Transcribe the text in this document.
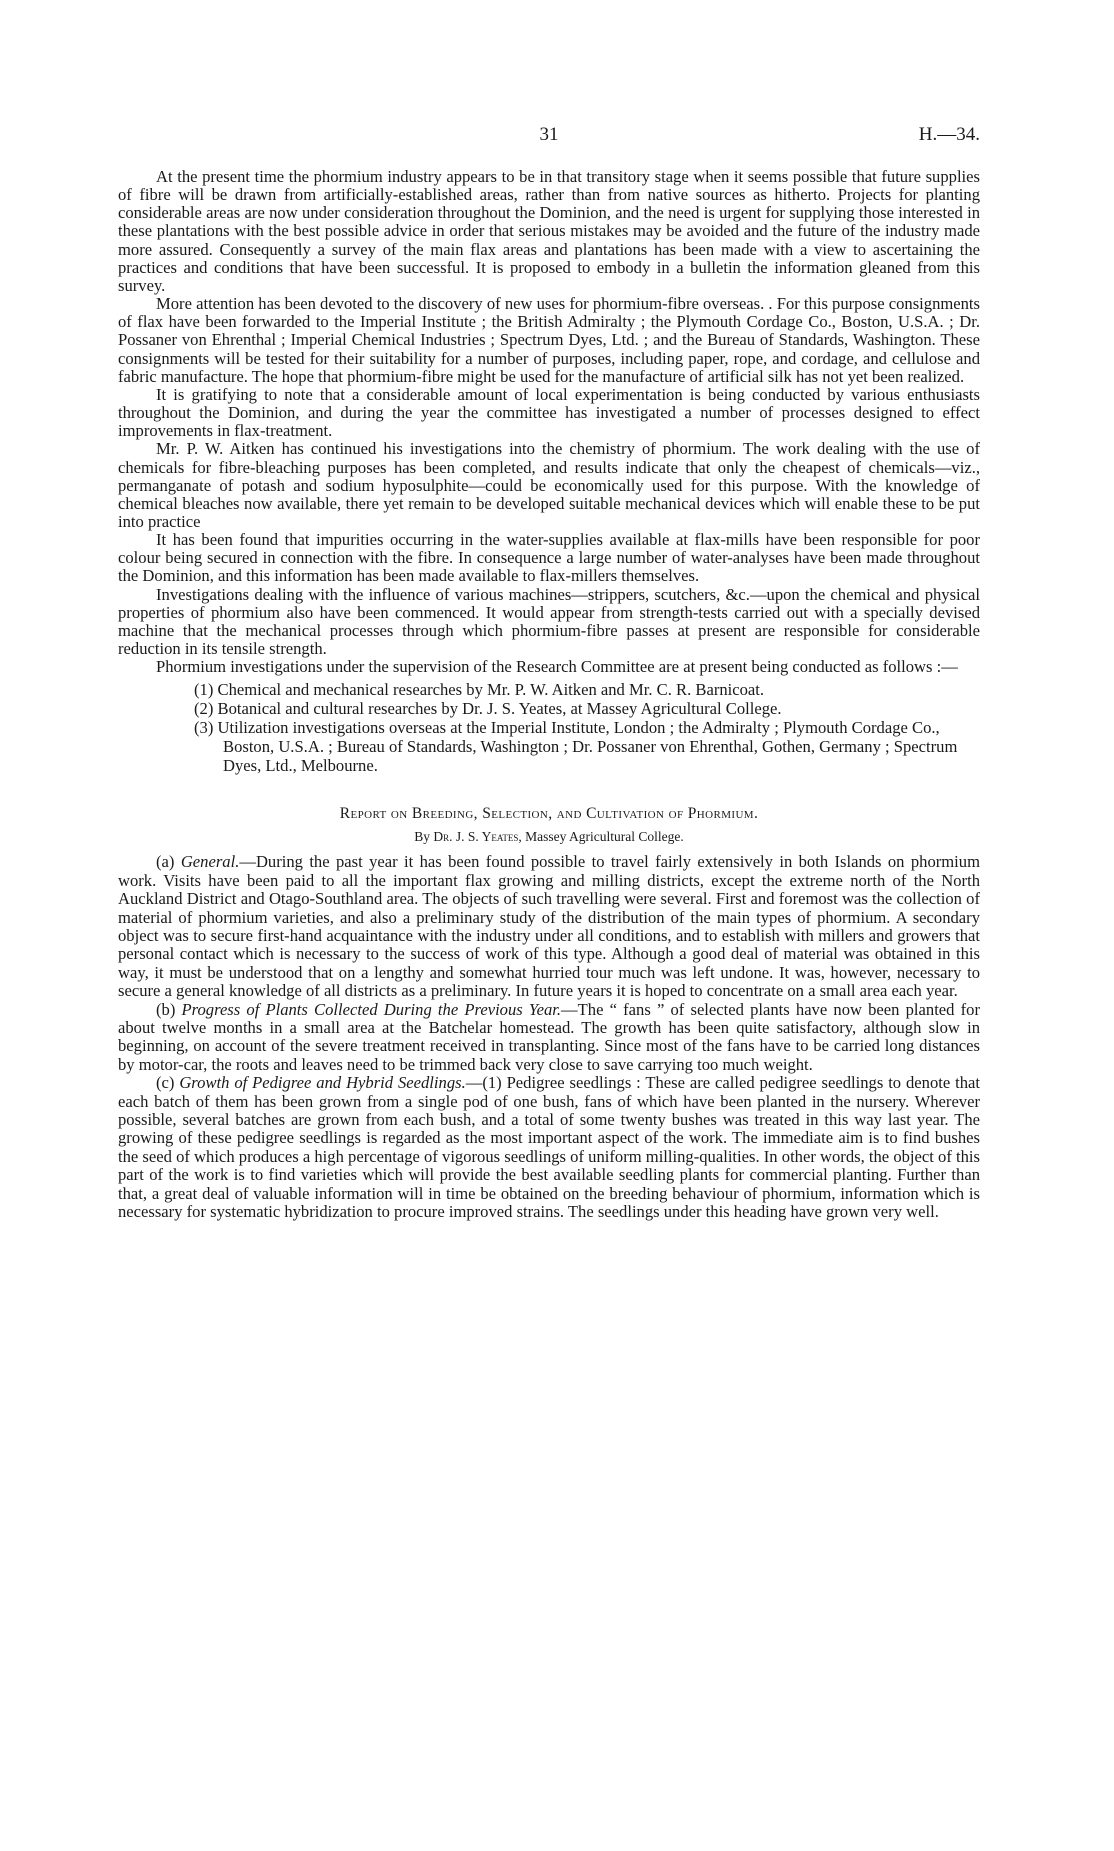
31	H.—34.

At the present time the phormium industry appears to be in that transitory stage when it seems possible that future supplies of fibre will be drawn from artificially-established areas, rather than from native sources as hitherto. Projects for planting considerable areas are now under consideration throughout the Dominion, and the need is urgent for supplying those interested in these plantations with the best possible advice in order that serious mistakes may be avoided and the future of the industry made more assured. Consequently a survey of the main flax areas and plantations has been made with a view to ascertaining the practices and conditions that have been successful. It is proposed to embody in a bulletin the information gleaned from this survey.

More attention has been devoted to the discovery of new uses for phormium-fibre overseas. . For this purpose consignments of flax have been forwarded to the Imperial Institute ; the British Admiralty ; the Plymouth Cordage Co., Boston, U.S.A. ; Dr. Possaner von Ehrenthal ; Imperial Chemical Industries ; Spectrum Dyes, Ltd. ; and the Bureau of Standards, Washington. These consignments will be tested for their suitability for a number of purposes, including paper, rope, and cordage, and cellulose and fabric manufacture. The hope that phormium-fibre might be used for the manufacture of artificial silk has not yet been realized.

It is gratifying to note that a considerable amount of local experimentation is being conducted by various enthusiasts throughout the Dominion, and during the year the committee has investigated a number of processes designed to effect improvements in flax-treatment.

Mr. P. W. Aitken has continued his investigations into the chemistry of phormium. The work dealing with the use of chemicals for fibre-bleaching purposes has been completed, and results indicate that only the cheapest of chemicals—viz., permanganate of potash and sodium hyposulphite—could be economically used for this purpose. With the knowledge of chemical bleaches now available, there yet remain to be developed suitable mechanical devices which will enable these to be put into practice

It has been found that impurities occurring in the water-supplies available at flax-mills have been responsible for poor colour being secured in connection with the fibre. In consequence a large number of water-analyses have been made throughout the Dominion, and this information has been made available to flax-millers themselves.

Investigations dealing with the influence of various machines—strippers, scutchers, &c.—upon the chemical and physical properties of phormium also have been commenced. It would appear from strength-tests carried out with a specially devised machine that the mechanical processes through which phormium-fibre passes at present are responsible for considerable reduction in its tensile strength.

Phormium investigations under the supervision of the Research Committee are at present being conducted as follows :—

(1) Chemical and mechanical researches by Mr. P. W. Aitken and Mr. C. R. Barnicoat.
(2) Botanical and cultural researches by Dr. J. S. Yeates, at Massey Agricultural College.
(3) Utilization investigations overseas at the Imperial Institute, London ; the Admiralty ; Plymouth Cordage Co., Boston, U.S.A. ; Bureau of Standards, Washington ; Dr. Possaner von Ehrenthal, Gothen, Germany ; Spectrum Dyes, Ltd., Melbourne.
Report on Breeding, Selection, and Cultivation of Phormium.
By Dr. J. S. Yeates, Massey Agricultural College.

(a) General.—During the past year it has been found possible to travel fairly extensively in both Islands on phormium work. Visits have been paid to all the important flax growing and milling districts, except the extreme north of the North Auckland District and Otago-Southland area. The objects of such travelling were several. First and foremost was the collection of material of phormium varieties, and also a preliminary study of the distribution of the main types of phormium. A secondary object was to secure first-hand acquaintance with the industry under all conditions, and to establish with millers and growers that personal contact which is necessary to the success of work of this type. Although a good deal of material was obtained in this way, it must be understood that on a lengthy and somewhat hurried tour much was left undone. It was, however, necessary to secure a general knowledge of all districts as a preliminary. In future years it is hoped to concentrate on a small area each year.

(b) Progress of Plants Collected During the Previous Year.—The “ fans ” of selected plants have now been planted for about twelve months in a small area at the Batchelar homestead. The growth has been quite satisfactory, although slow in beginning, on account of the severe treatment received in transplanting. Since most of the fans have to be carried long distances by motor-car, the roots and leaves need to be trimmed back very close to save carrying too much weight.

(c) Growth of Pedigree and Hybrid Seedlings.—(1) Pedigree seedlings : These are called pedigree seedlings to denote that each batch of them has been grown from a single pod of one bush, fans of which have been planted in the nursery. Wherever possible, several batches are grown from each bush, and a total of some twenty bushes was treated in this way last year. The growing of these pedigree seedlings is regarded as the most important aspect of the work. The immediate aim is to find bushes the seed of which produces a high percentage of vigorous seedlings of uniform milling-qualities. In other words, the object of this part of the work is to find varieties which will provide the best available seedling plants for commercial planting. Further than that, a great deal of valuable information will in time be obtained on the breeding behaviour of phormium, information which is necessary for systematic hybridization to procure improved strains. The seedlings under this heading have grown very well.
